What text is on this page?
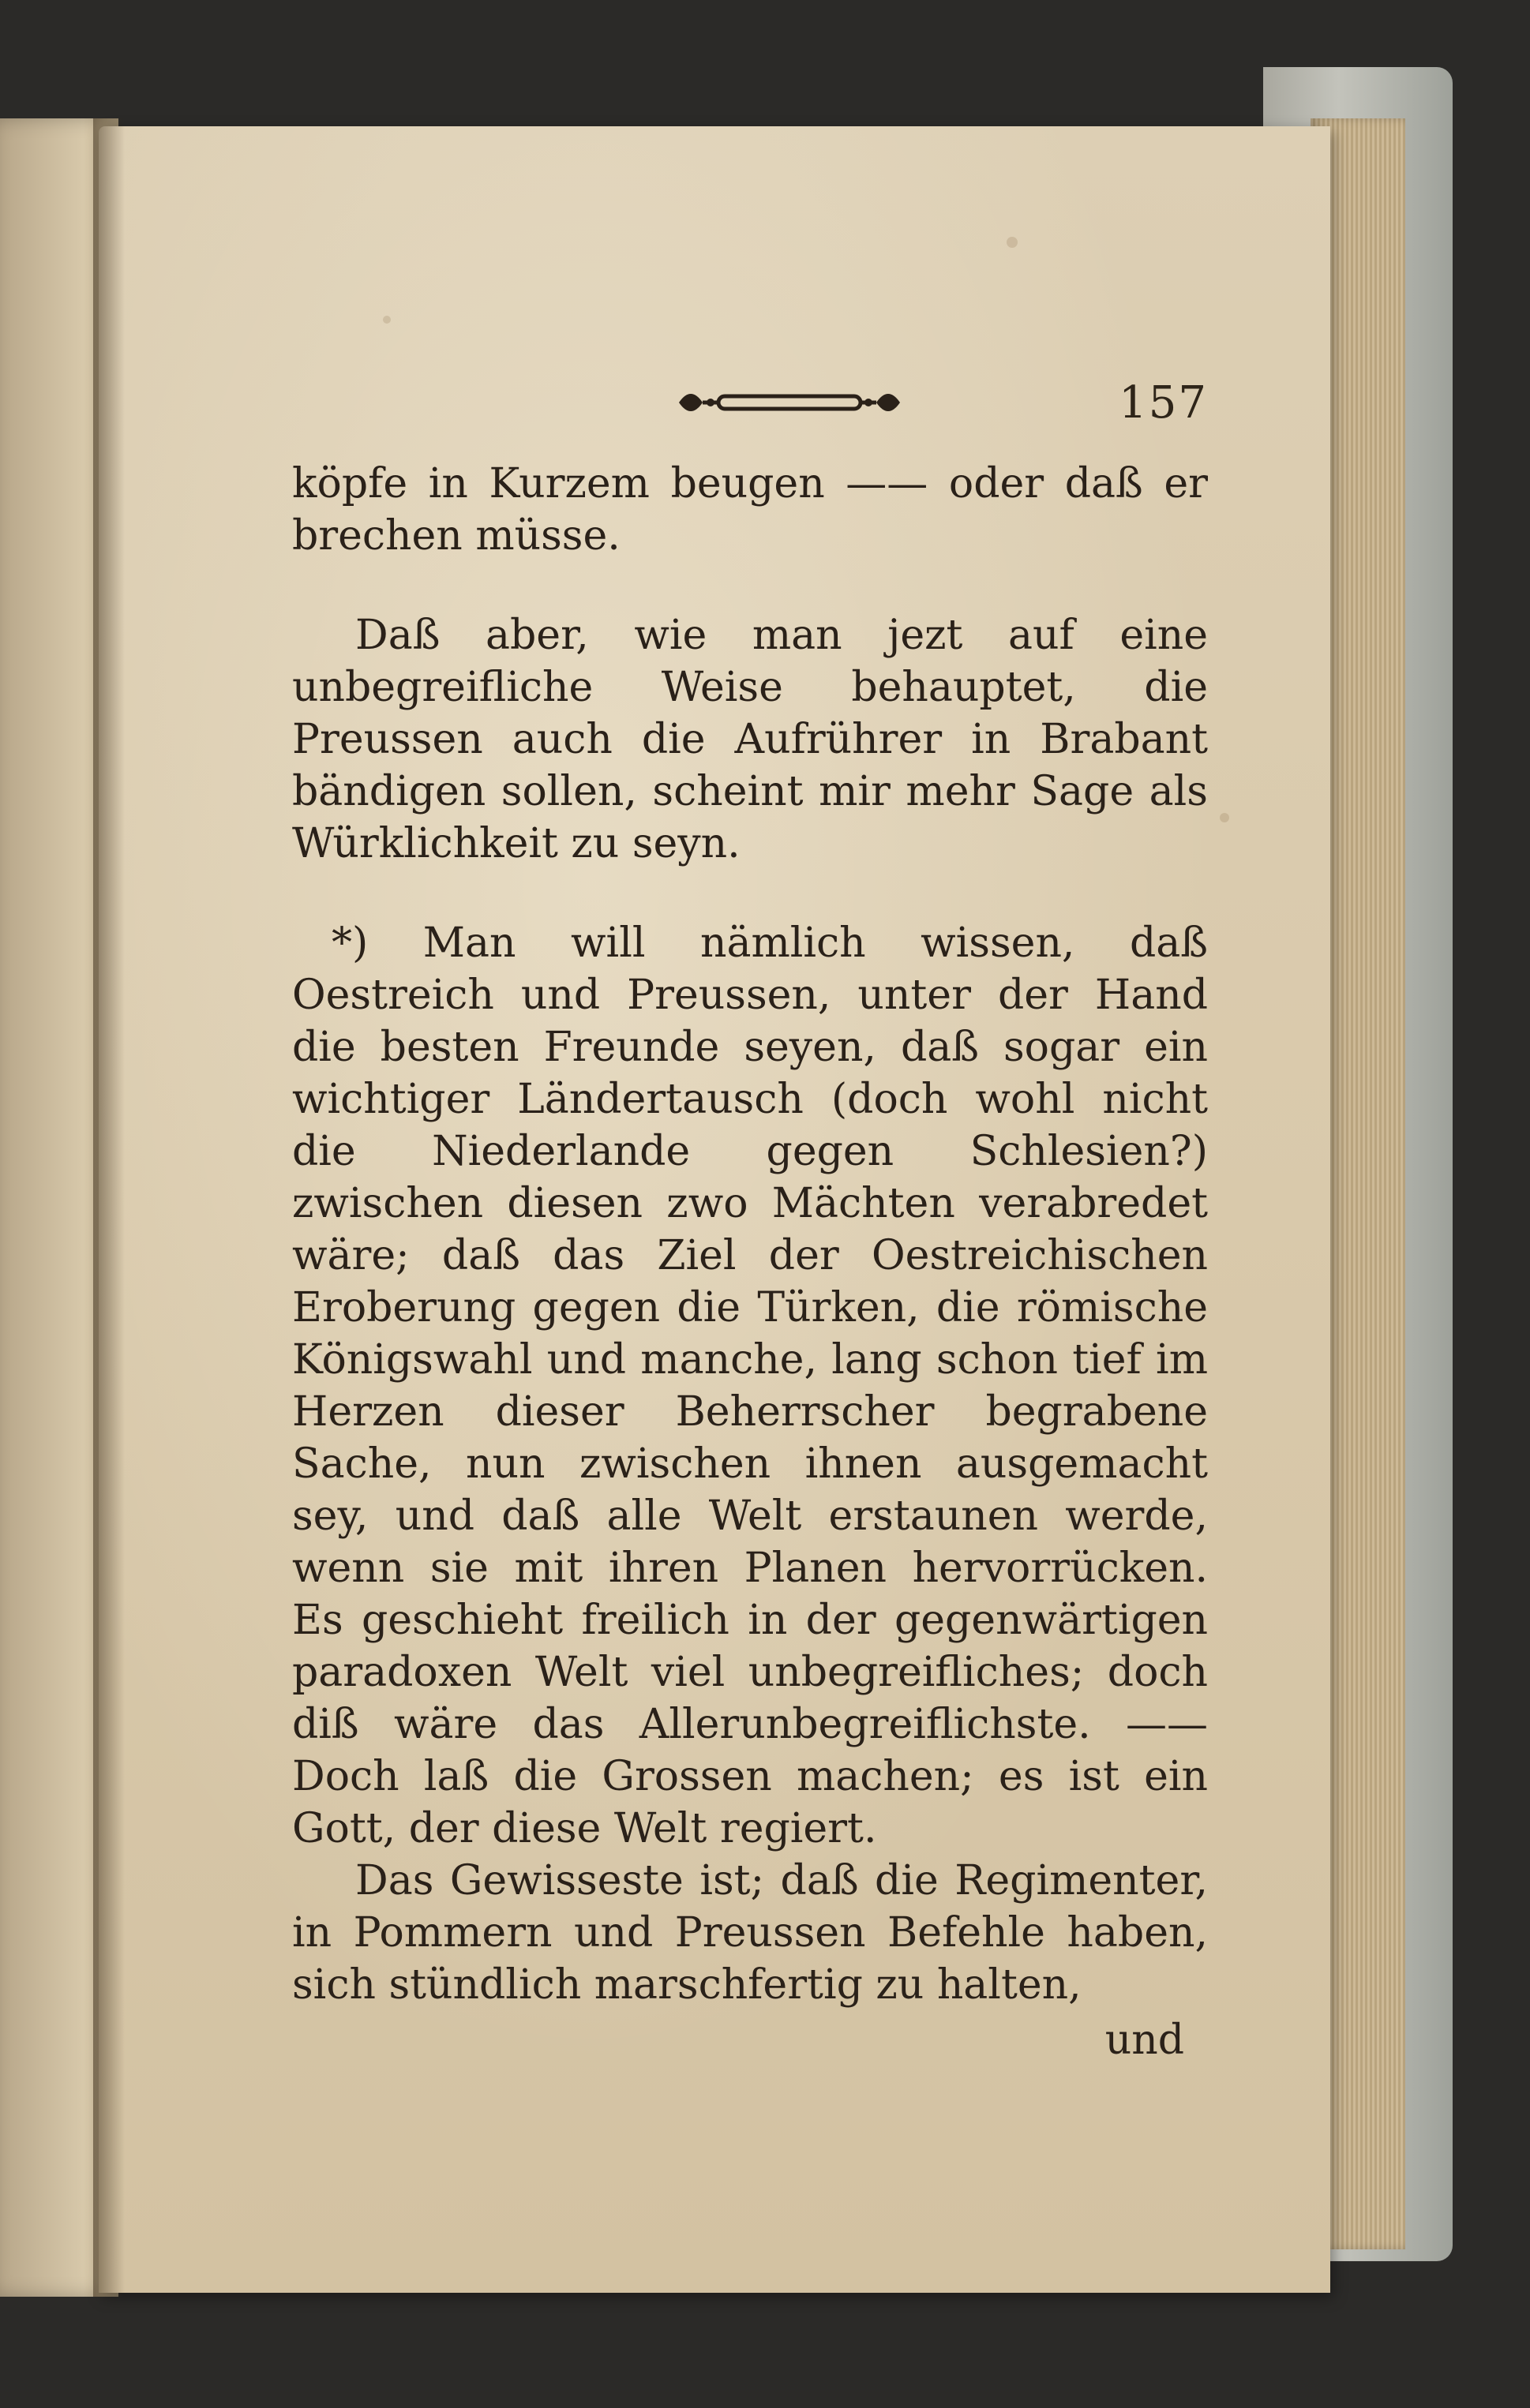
157

köpfe in Kurzem beugen —— oder daß er brechen müsse.

Daß aber, wie man jezt auf eine unbegreifliche Weise behauptet, die Preussen auch die Aufrührer in Brabant bändigen sollen, scheint mir mehr Sage als Würklichkeit zu seyn.

*) Man will nämlich wissen, daß Oestreich und Preussen, unter der Hand die besten Freunde seyen, daß sogar ein wichtiger Ländertausch (doch wohl nicht die Niederlande gegen Schlesien?) zwischen diesen zwo Mächten verabredet wäre; daß das Ziel der Oestreichischen Eroberung gegen die Türken, die römische Königswahl und manche, lang schon tief im Herzen dieser Beherrscher begrabene Sache, nun zwischen ihnen ausgemacht sey, und daß alle Welt erstaunen werde, wenn sie mit ihren Planen hervorrücken. Es geschieht freilich in der gegenwärtigen paradoxen Welt viel unbegreifliches; doch diß wäre das Allerunbegreiflichste. —— Doch laß die Grossen machen; es ist ein Gott, der diese Welt regiert.

Das Gewisseste ist; daß die Regimenter, in Pommern und Preussen Befehle haben, sich stündlich marschfertig zu halten,

und
